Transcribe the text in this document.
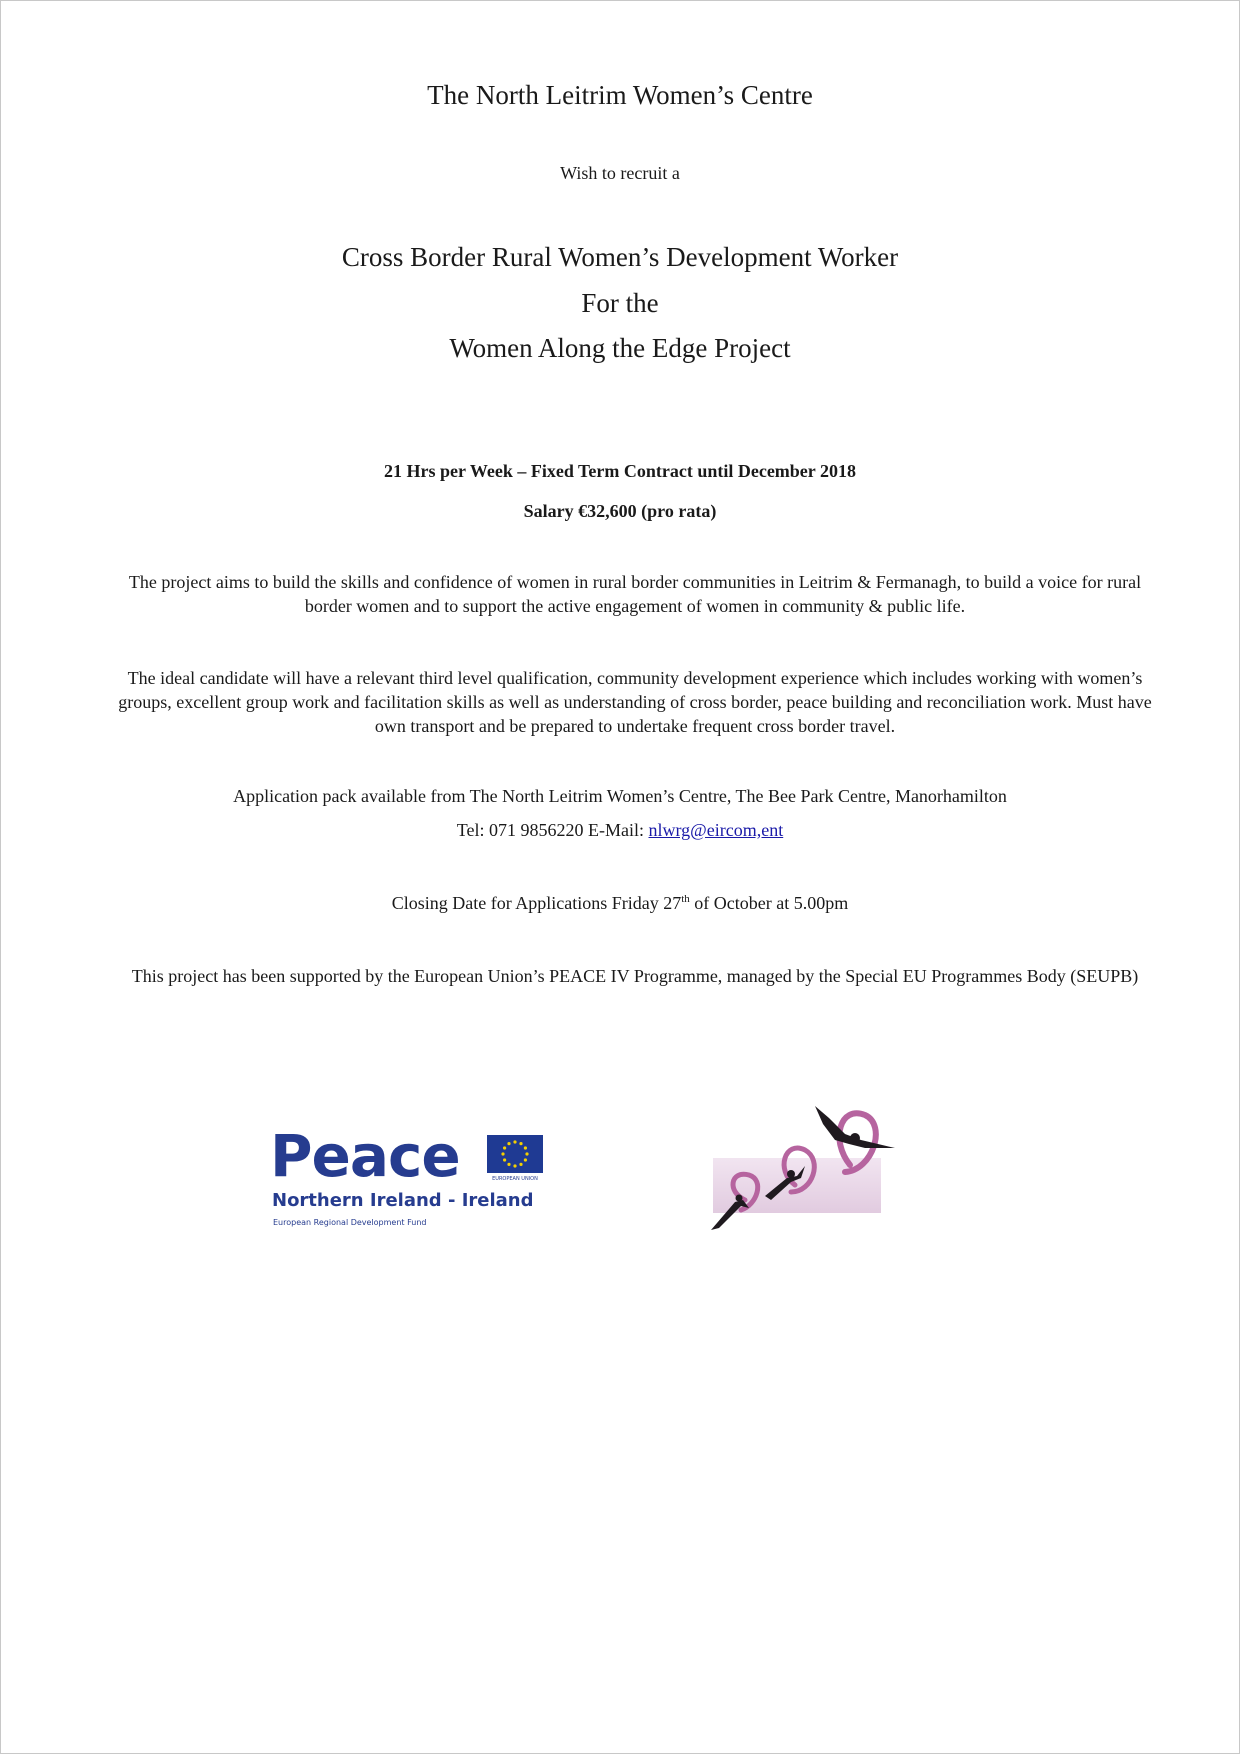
The North Leitrim Women’s Centre
Wish to recruit a
Cross Border Rural Women’s Development Worker
For the
Women Along the Edge Project
21 Hrs per Week – Fixed Term Contract until December 2018
Salary €32,600 (pro rata)
The project aims to build the skills and confidence of women in rural border communities in Leitrim & Fermanagh, to build a voice for rural border women and to support the active engagement of women in community & public life.
The ideal candidate will have a relevant third level qualification, community development experience which includes working with women’s groups, excellent group work and facilitation skills as well as understanding of cross border, peace building and reconciliation work. Must have own transport and be prepared to undertake frequent cross border travel.
Application pack available from The North Leitrim Women’s Centre, The Bee Park Centre, Manorhamilton
Tel: 071 9856220 E-Mail: nlwrg@eircom,ent
Closing Date for Applications Friday 27th of October at 5.00pm
This project has been supported by the European Union’s PEACE IV Programme, managed by the Special EU Programmes Body (SEUPB)
Peace	EUROPEAN UNION
Northern Ireland - Ireland
European Regional Development Fund
